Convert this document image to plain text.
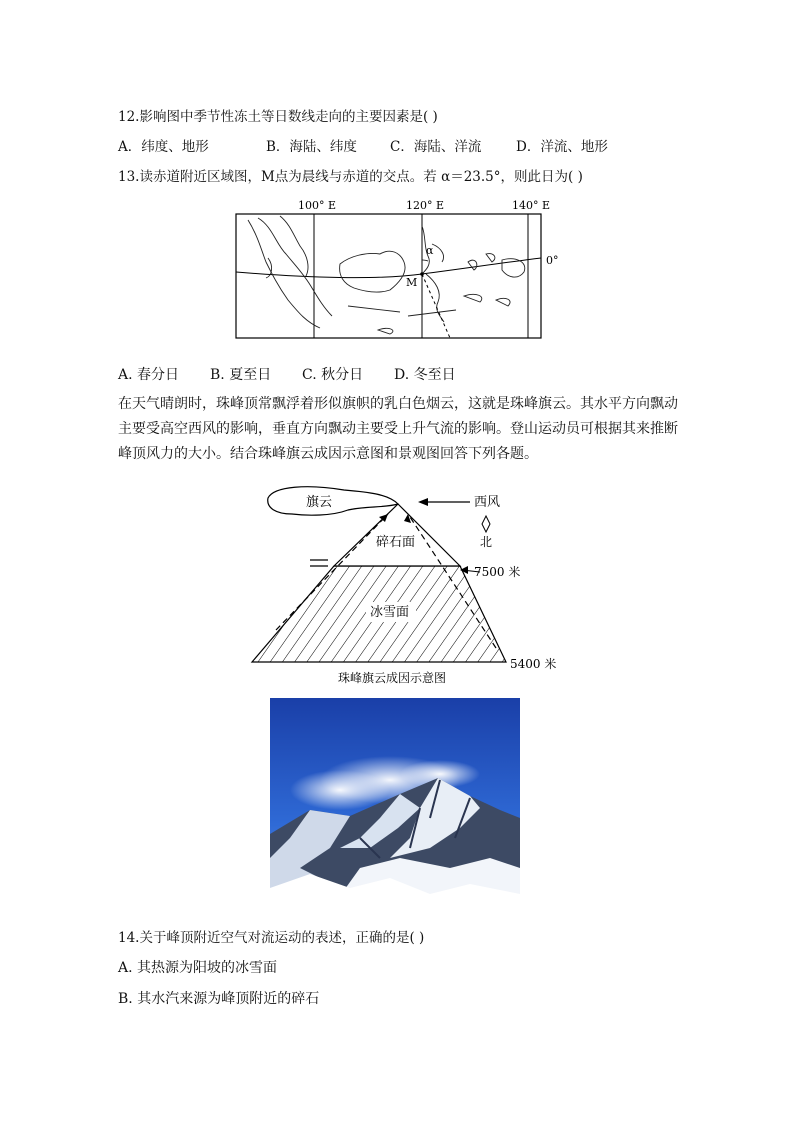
12.影响图中季节性冻土等日数线走向的主要因素是( )
A．纬度、地形	B．海陆、纬度 C．海陆、洋流	D．洋流、地形
13.读赤道附近区域图，M点为晨线与赤道的交点。若 α＝23.5°，则此日为( )
100° E	120° E	140° E
0°
α
M
A. 春分日 B. 夏至日 C. 秋分日 D. 冬至日
在天气晴朗时，珠峰顶常飘浮着形似旗帜的乳白色烟云，这就是珠峰旗云。其水平方向飘动主要受高空西风的影响，垂直方向飘动主要受上升气流的影响。登山运动员可根据其来推断峰顶风力的大小。结合珠峰旗云成因示意图和景观图回答下列各题。
旗云
冰雪面
碎石面
西风
北
7500 米
5400 米
珠峰旗云成因示意图
14.关于峰顶附近空气对流运动的表述，正确的是( )
A. 其热源为阳坡的冰雪面
B. 其水汽来源为峰顶附近的碎石
